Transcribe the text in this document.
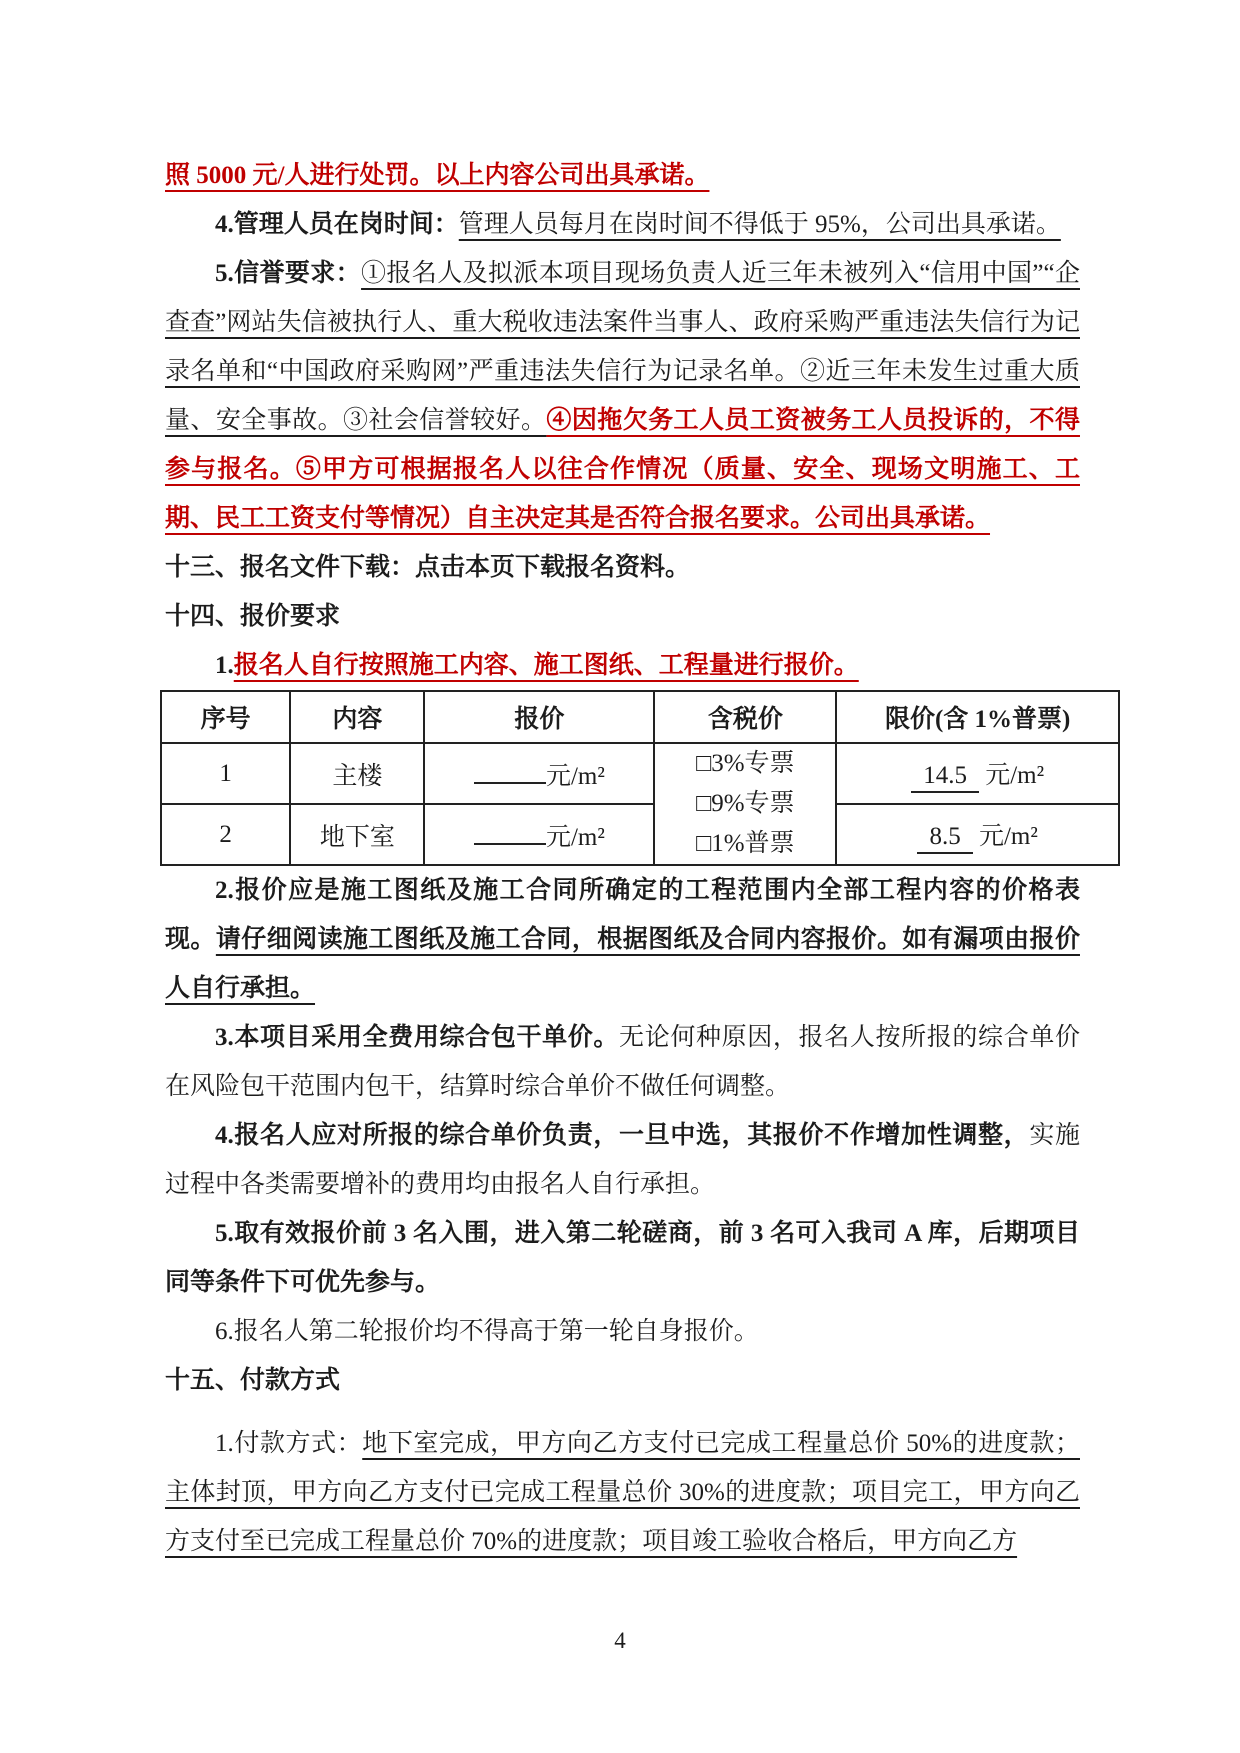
照 5000 元/人进行处罚。以上内容公司出具承诺。

4.管理人员在岗时间：管理人员每月在岗时间不得低于 95%，公司出具承诺。

5.信誉要求：①报名人及拟派本项目现场负责人近三年未被列入“信用中国”“企查查”网站失信被执行人、重大税收违法案件当事人、政府采购严重违法失信行为记录名单和“中国政府采购网”严重违法失信行为记录名单。②近三年未发生过重大质量、安全事故。③社会信誉较好。④因拖欠务工人员工资被务工人员投诉的，不得参与报名。⑤甲方可根据报名人以往合作情况（质量、安全、现场文明施工、工期、民工工资支付等情况）自主决定其是否符合报名要求。公司出具承诺。

十三、报名文件下载：点击本页下载报名资料。

十四、报价要求

1.报名人自行按照施工内容、施工图纸、工程量进行报价。

序号	内容	报价	含税价	限价(含 1%普票)
1	主楼	元/m²	□3%专票
□9%专票
□1%普票	14.5 元/m²
2	地下室	元/m²		8.5 元/m²

2.报价应是施工图纸及施工合同所确定的工程范围内全部工程内容的价格表现。请仔细阅读施工图纸及施工合同，根据图纸及合同内容报价。如有漏项由报价人自行承担。

3.本项目采用全费用综合包干单价。无论何种原因，报名人按所报的综合单价在风险包干范围内包干，结算时综合单价不做任何调整。

4.报名人应对所报的综合单价负责，一旦中选，其报价不作增加性调整，实施过程中各类需要增补的费用均由报名人自行承担。

5.取有效报价前 3 名入围，进入第二轮磋商，前 3 名可入我司 A 库，后期项目同等条件下可优先参与。

6.报名人第二轮报价均不得高于第一轮自身报价。

十五、付款方式

1.付款方式：地下室完成，甲方向乙方支付已完成工程量总价 50%的进度款；主体封顶，甲方向乙方支付已完成工程量总价 30%的进度款；项目完工，甲方向乙方支付至已完成工程量总价 70%的进度款；项目竣工验收合格后，甲方向乙方

4
